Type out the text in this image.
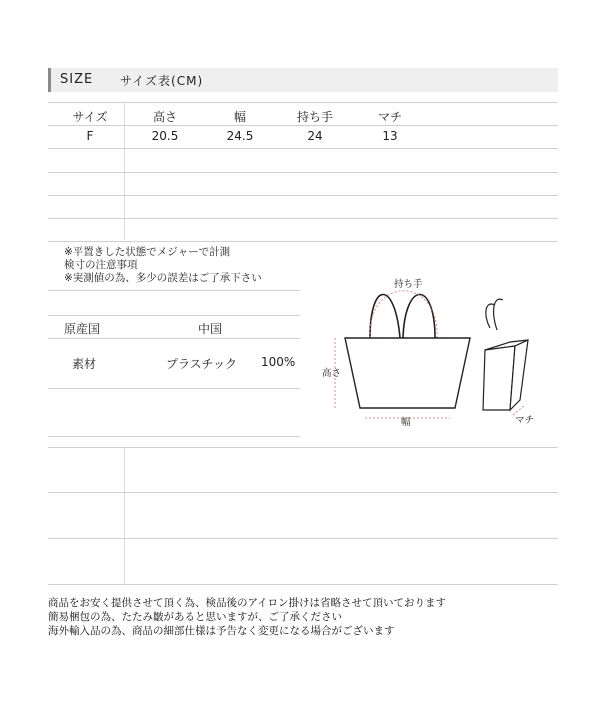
SIZE サイズ表(CM)
サイズ	高さ	幅	持ち手	マチ
F	20.5	24.5	24	13
※平置きした状態でメジャーで計測
検寸の注意事項
※実測値の為、多少の誤差はご了承下さい
原産国	中国
素材	プラスチック 100%
持ち手
高さ
幅	マチ
商品をお安く提供させて頂く為、検品後のアイロン掛けは省略させて頂いております
簡易梱包の為、たたみ皺があると思いますが、ご了承ください
海外輸入品の為、商品の細部仕様は予告なく変更になる場合がございます
